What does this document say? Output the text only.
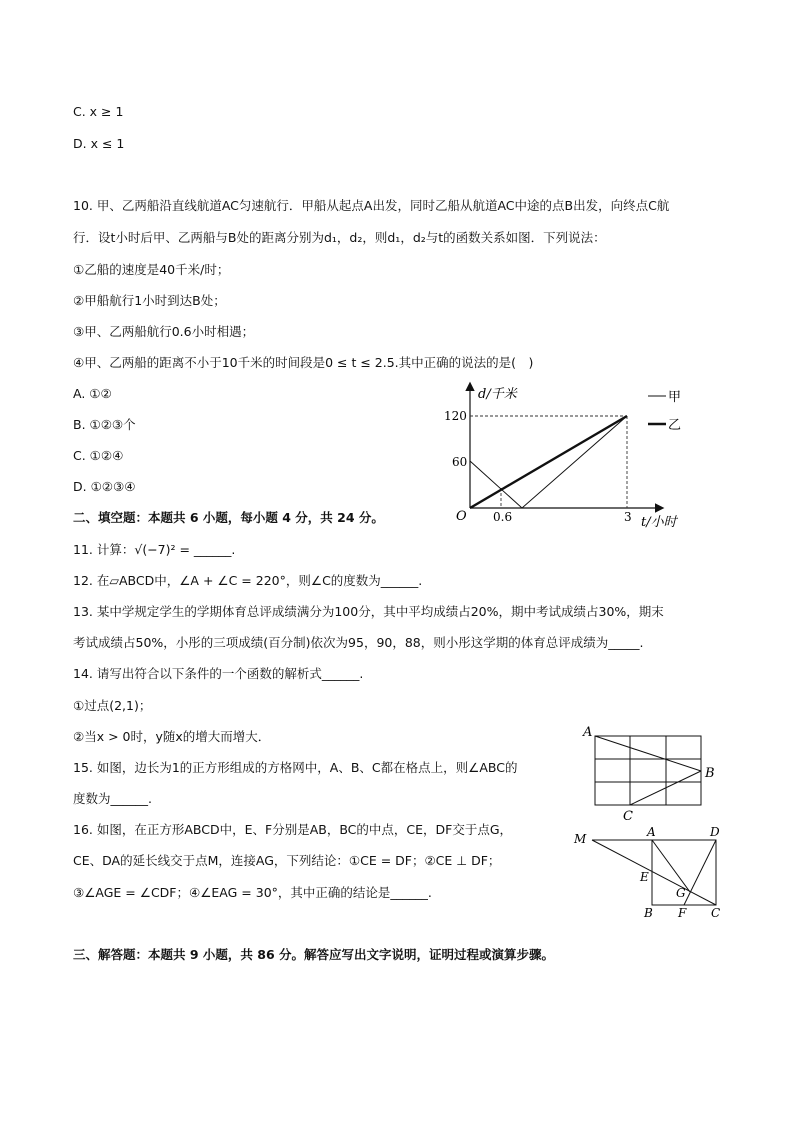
C. x ≥ 1
D. x ≤ 1
10. 甲、乙两船沿直线航道AC匀速航行．甲船从起点A出发，同时乙船从航道AC中途的点B出发，向终点C航
行．设t小时后甲、乙两船与B处的距离分别为d₁，d₂，则d₁，d₂与t的函数关系如图．下列说法：
①乙船的速度是40千米/时；
②甲船航行1小时到达B处；
③甲、乙两船航行0.6小时相遇；
④甲、乙两船的距离不小于10千米的时间段是0 ≤ t ≤ 2.5.其中正确的说法的是(　)
A. ①②
B. ①②③个
C. ①②④
D. ①②③④
d/千米
t/小时
O
120
60
0.6	3
甲
乙
二、填空题：本题共 6 小题，每小题 4 分，共 24 分。
11. 计算：√(−7)² = ______.
12. 在▱ABCD中，∠A + ∠C = 220°，则∠C的度数为______.
13. 某中学规定学生的学期体育总评成绩满分为100分，其中平均成绩占20%，期中考试成绩占30%，期末
考试成绩占50%，小彤的三项成绩(百分制)依次为95，90，88，则小彤这学期的体育总评成绩为_____.
14. 请写出符合以下条件的一个函数的解析式______.
①过点(2,1)；
②当x > 0时，y随x的增大而增大．
15. 如图，边长为1的正方形组成的方格网中，A、B、C都在格点上，则∠ABC的
度数为______.
A
B
C
16. 如图，在正方形ABCD中，E、F分别是AB，BC的中点，CE，DF交于点G，
CE、DA的延长线交于点M，连接AG，下列结论：①CE = DF；②CE ⊥ DF；
③∠AGE = ∠CDF；④∠EAG = 30°，其中正确的结论是______.
M	A	D
E
G
B F C
三、解答题：本题共 9 小题，共 86 分。解答应写出文字说明，证明过程或演算步骤。
